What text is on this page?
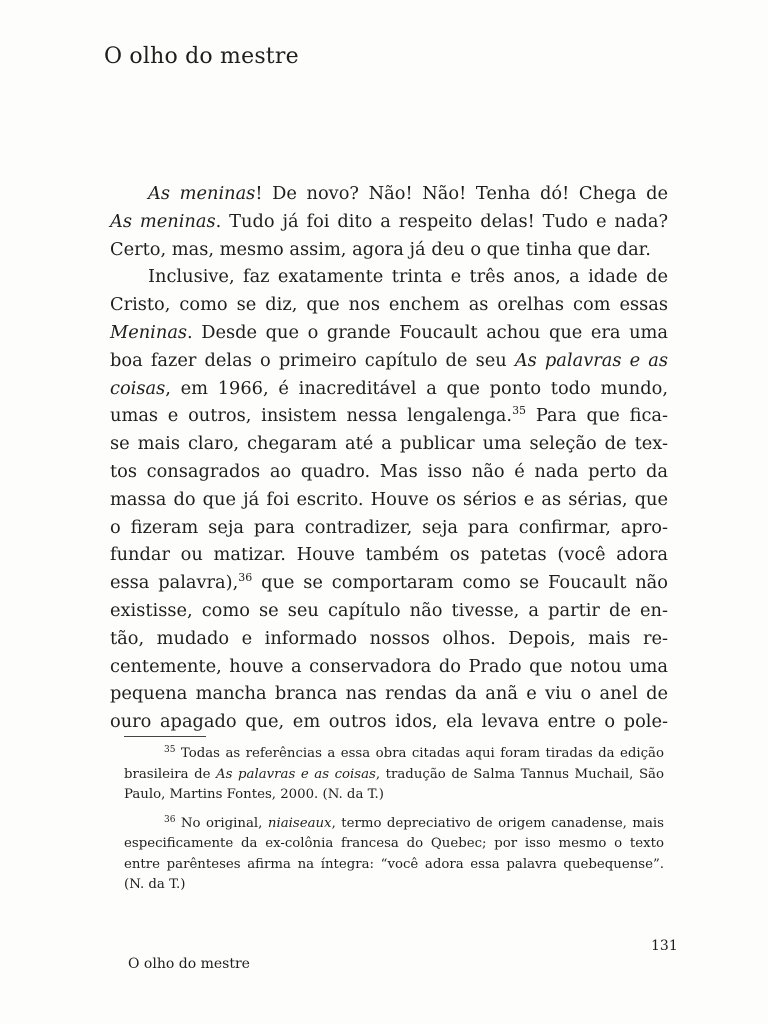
O olho do mestre
As meninas! De novo? Não! Não! Tenha dó! Chega de
As meninas. Tudo já foi dito a respeito delas! Tudo e nada?
Certo, mas, mesmo assim, agora já deu o que tinha que dar.
Inclusive, faz exatamente trinta e três anos, a idade de
Cristo, como se diz, que nos enchem as orelhas com essas
Meninas. Desde que o grande Foucault achou que era uma
boa fazer delas o primeiro capítulo de seu As palavras e as
coisas, em 1966, é inacreditável a que ponto todo mundo,
umas e outros, insistem nessa lengalenga.$^{35}$ Para que fica-
se mais claro, chegaram até a publicar uma seleção de tex-
tos consagrados ao quadro. Mas isso não é nada perto da
massa do que já foi escrito. Houve os sérios e as sérias, que
o fizeram seja para contradizer, seja para confirmar, apro-
fundar ou matizar. Houve também os patetas (você adora
essa palavra),$^{36}$ que se comportaram como se Foucault não
existisse, como se seu capítulo não tivesse, a partir de en-
tão, mudado e informado nossos olhos. Depois, mais re-
centemente, houve a conservadora do Prado que notou uma
pequena mancha branca nas rendas da anã e viu o anel de
ouro apagado que, em outros idos, ela levava entre o pole-
$^{35}$ Todas as referências a essa obra citadas aqui foram tiradas da edição
brasileira de As palavras e as coisas, tradução de Salma Tannus Muchail, São
Paulo, Martins Fontes, 2000. (N. da T.)
$^{36}$ No original, niaiseaux, termo depreciativo de origem canadense, mais
especificamente da ex-colônia francesa do Quebec; por isso mesmo o texto
entre parênteses afirma na íntegra: “você adora essa palavra quebequense”.
(N. da T.)
131
O olho do mestre
